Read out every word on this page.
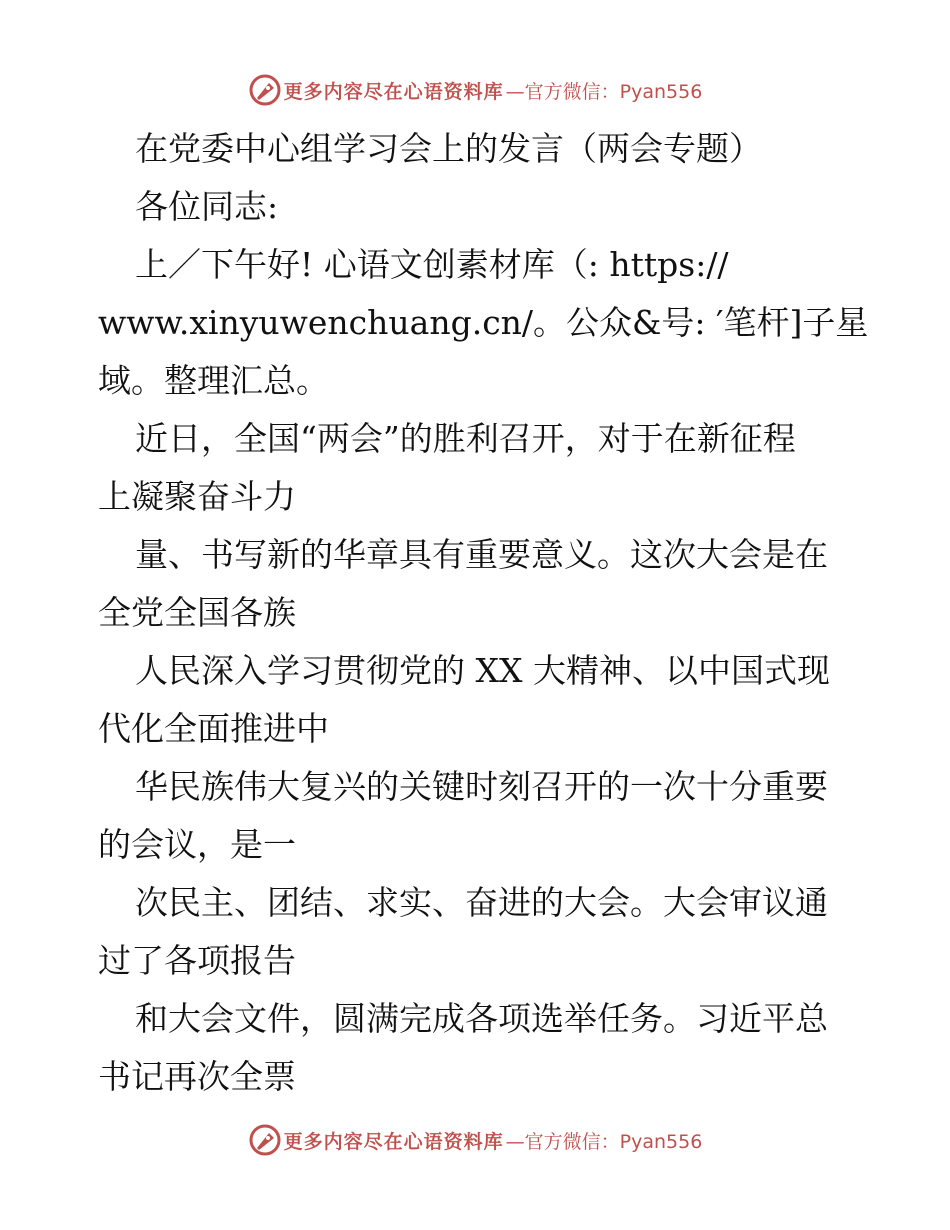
更多内容尽在心语资料库 —官方微信：Pyan556

在党委中心组学习会上的发言（两会专题）

各位同志:

上／下午好! 心语文创素材库（: https://

www.xinyuwenchuang.cn/。公众&号: ′笔杆]子星

域。整理汇总。

近日，全国“两会”的胜利召开，对于在新征程

上凝聚奋斗力

量、书写新的华章具有重要意义。这次大会是在

全党全国各族

人民深入学习贯彻党的 XX 大精神、以中国式现

代化全面推进中

华民族伟大复兴的关键时刻召开的一次十分重要

的会议，是一

次民主、团结、求实、奋进的大会。大会审议通

过了各项报告

和大会文件，圆满完成各项选举任务。习近平总

书记再次全票

更多内容尽在心语资料库 —官方微信：Pyan556
